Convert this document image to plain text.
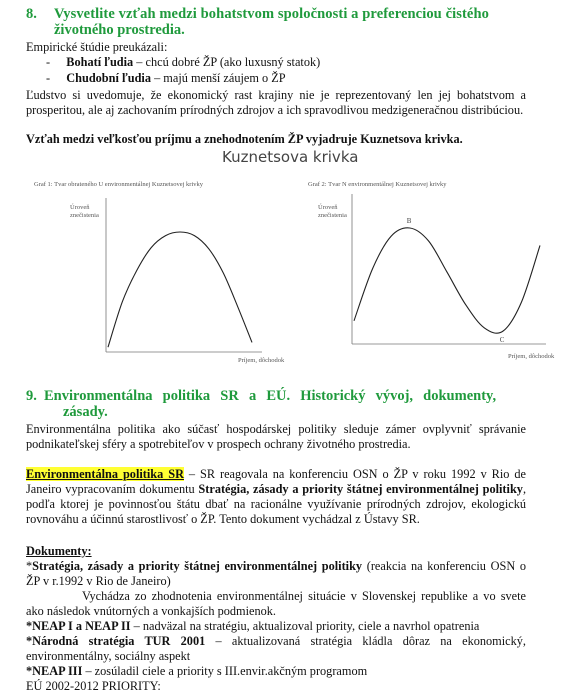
8.	Vysvetlite vzťah medzi bohatstvom spoločnosti a preferenciou čistého
životného prostredia.
Empirické štúdie preukázali:
- Bohatí ľudia – chcú dobré ŽP (ako luxusný statok)
- Chudobní ľudia – majú menší záujem o ŽP
Ľudstvo si uvedomuje, že ekonomický rast krajiny nie je reprezentovaný len jej bohatstvom a prosperitou, ale aj zachovaním prírodných zdrojov a ich spravodlivou medzigeneračnou distribúciou.
Vzťah medzi veľkosťou príjmu a znehodnotením ŽP vyjadruje Kuznetsova krivka.
Kuznetsova krivka
Graf 1: Tvar obrateného U environmentálnej Kuznetsovej krivky
Úroveň znečistenia
Príjem, dôchodok
Graf 2: Tvar N environmentálnej Kuznetsovej krivky
Úroveň znečistenia
Príjem, dôchodok
B
C
9. Environmentálna politika SR a EÚ. Historický vývoj, dokumenty,
zásady.
Environmentálna politika ako súčasť hospodárskej politiky sleduje zámer ovplyvniť správanie podnikateľskej sféry a spotrebiteľov v prospech ochrany životného prostredia.
Environmentálna politika SR – SR reagovala na konferenciu OSN o ŽP v roku 1992 v Rio de Janeiro vypracovaním dokumentu Stratégia, zásady a priority štátnej environmentálnej politiky, podľa ktorej je povinnosťou štátu dbať na racionálne využívanie prírodných zdrojov, ekologickú rovnováhu a účinnú starostlivosť o ŽP. Tento dokument vychádzal z Ústavy SR.
Dokumenty:
*Stratégia, zásady a priority štátnej environmentálnej politiky (reakcia na konferenciu OSN o ŽP v r.1992 v Rio de Janeiro)
Vychádza zo zhodnotenia environmentálnej situácie v Slovenskej republike a vo svete ako následok vnútorných a vonkajších podmienok.
*NEAP I a NEAP II – nadväzal na stratégiu, aktualizoval priority, ciele a navrhol opatrenia
*Národná stratégia TUR 2001 – aktualizovaná stratégia kládla dôraz na ekonomický, environmentálny, sociálny aspekt
*NEAP III – zosúladil ciele a priority s III.envir.akčným programom
EÚ 2002-2012 PRIORITY:
